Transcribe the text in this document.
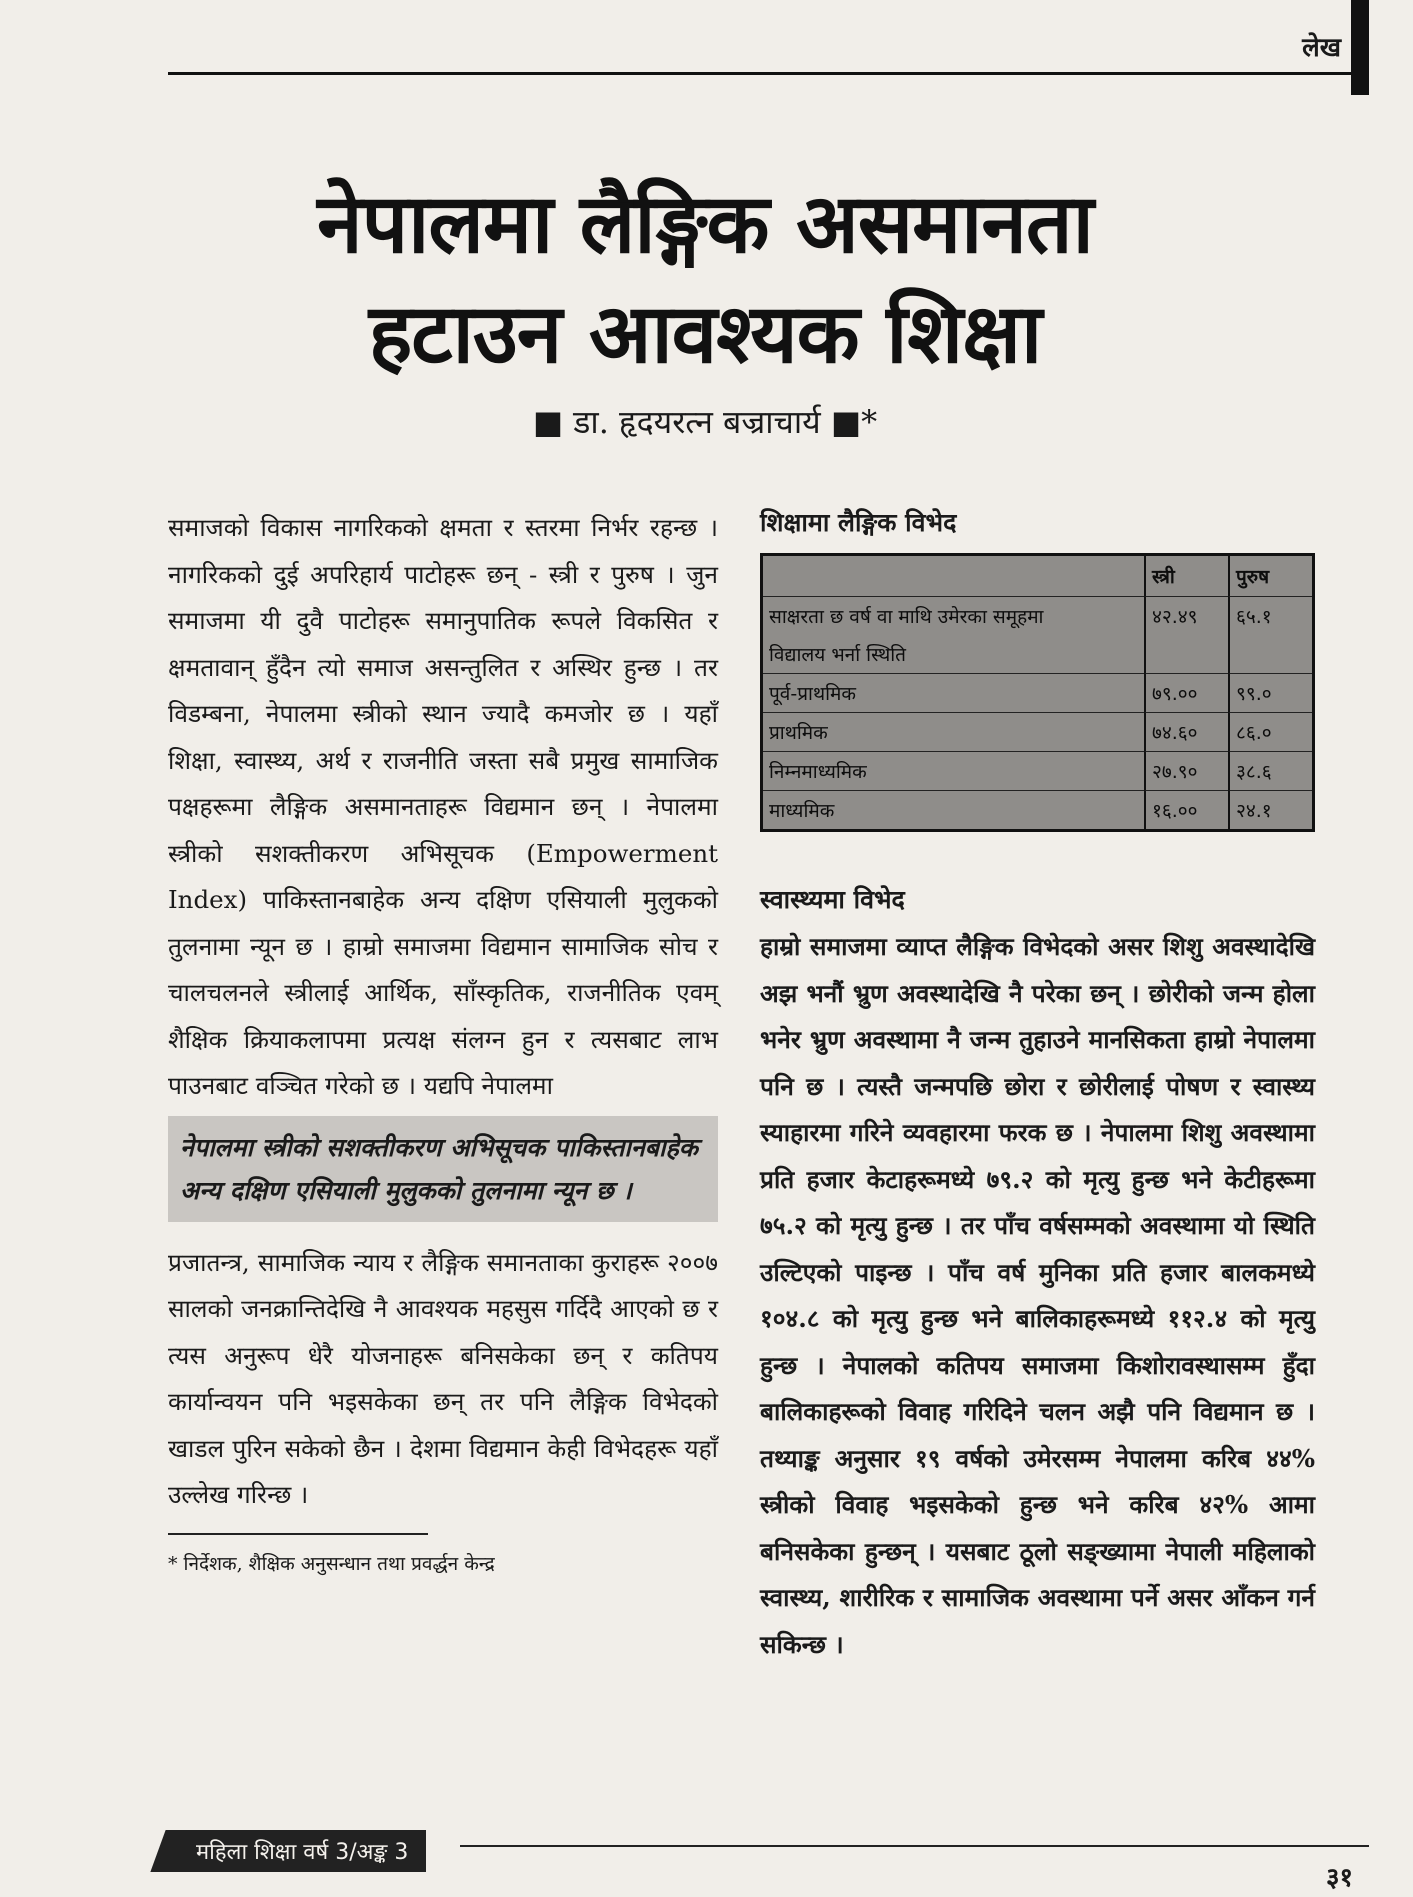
लेख
नेपालमा लैङ्गिक असमानता
हटाउन आवश्यक शिक्षा
■ डा. हृदयरत्न बज्राचार्य ■*

समाजको विकास नागरिकको क्षमता र स्तरमा निर्भर रहन्छ । नागरिकको दुई अपरिहार्य पाटोहरू छन् - स्त्री र पुरुष । जुन समाजमा यी दुवै पाटोहरू समानुपातिक रूपले विकसित र क्षमतावान् हुँदैन त्यो समाज असन्तुलित र अस्थिर हुन्छ । तर विडम्बना, नेपालमा स्त्रीको स्थान ज्यादै कमजोर छ । यहाँ शिक्षा, स्वास्थ्य, अर्थ र राजनीति जस्ता सबै प्रमुख सामाजिक पक्षहरूमा लैङ्गिक असमानताहरू विद्यमान छन् । नेपालमा स्त्रीको सशक्तीकरण अभिसूचक (Empowerment Index) पाकिस्तानबाहेक अन्य दक्षिण एसियाली मुलुकको तुलनामा न्यून छ । हाम्रो समाजमा विद्यमान सामाजिक सोच र चालचलनले स्त्रीलाई आर्थिक, साँस्कृतिक, राजनीतिक एवम् शैक्षिक क्रियाकलापमा प्रत्यक्ष संलग्न हुन र त्यसबाट लाभ पाउनबाट वञ्चित गरेको छ । यद्यपि नेपालमा

नेपालमा स्त्रीको सशक्तीकरण अभिसूचक पाकिस्तानबाहेक अन्य दक्षिण एसियाली मुलुकको तुलनामा न्यून छ ।

प्रजातन्त्र, सामाजिक न्याय र लैङ्गिक समानताका कुराहरू २००७ सालको जनक्रान्तिदेखि नै आवश्यक महसुस गर्दिदै आएको छ र त्यस अनुरूप धेरै योजनाहरू बनिसकेका छन् र कतिपय कार्यान्वयन पनि भइसकेका छन् तर पनि लैङ्गिक विभेदको खाडल पुरिन सकेको छैन । देशमा विद्यमान केही विभेदहरू यहाँ उल्लेख गरिन्छ ।

* निर्देशक, शैक्षिक अनुसन्धान तथा प्रवर्द्धन केन्द्र
शिक्षामा लैङ्गिक विभेद
	स्त्री	पुरुष
साक्षरता छ वर्ष वा माथि उमेरका समूहमा	४२.४९	६५.१
विद्यालय भर्ना स्थिति		
पूर्व-प्राथमिक	७९.००	९९.०
प्राथमिक	७४.६०	८६.०
निम्नमाध्यमिक	२७.९०	३८.६
माध्यमिक	१६.००	२४.१
स्वास्थ्यमा विभेद

हाम्रो समाजमा व्याप्त लैङ्गिक विभेदको असर शिशु अवस्थादेखि अझ भनौं भ्रुण अवस्थादेखि नै परेका छन् । छोरीको जन्म होला भनेर भ्रुण अवस्थामा नै जन्म तुहाउने मानसिकता हाम्रो नेपालमा पनि छ । त्यस्तै जन्मपछि छोरा र छोरीलाई पोषण र स्वास्थ्य स्याहारमा गरिने व्यवहारमा फरक छ । नेपालमा शिशु अवस्थामा प्रति हजार केटाहरूमध्ये ७९.२ को मृत्यु हुन्छ भने केटीहरूमा ७५.२ को मृत्यु हुन्छ । तर पाँच वर्षसम्मको अवस्थामा यो स्थिति उल्टिएको पाइन्छ । पाँच वर्ष मुनिका प्रति हजार बालकमध्ये १०४.८ को मृत्यु हुन्छ भने बालिकाहरूमध्ये ११२.४ को मृत्यु हुन्छ । नेपालको कतिपय समाजमा किशोरावस्थासम्म हुँदा बालिकाहरूको विवाह गरिदिने चलन अझै पनि विद्यमान छ । तथ्याङ्क अनुसार १९ वर्षको उमेरसम्म नेपालमा करिब ४४% स्त्रीको विवाह भइसकेको हुन्छ भने करिब ४२% आमा बनिसकेका हुन्छन् । यसबाट ठूलो सङ्ख्यामा नेपाली महिलाको स्वास्थ्य, शारीरिक र सामाजिक अवस्थामा पर्ने असर आँकन गर्न सकिन्छ ।

महिला शिक्षा वर्ष 3/अङ्क 3
३१
